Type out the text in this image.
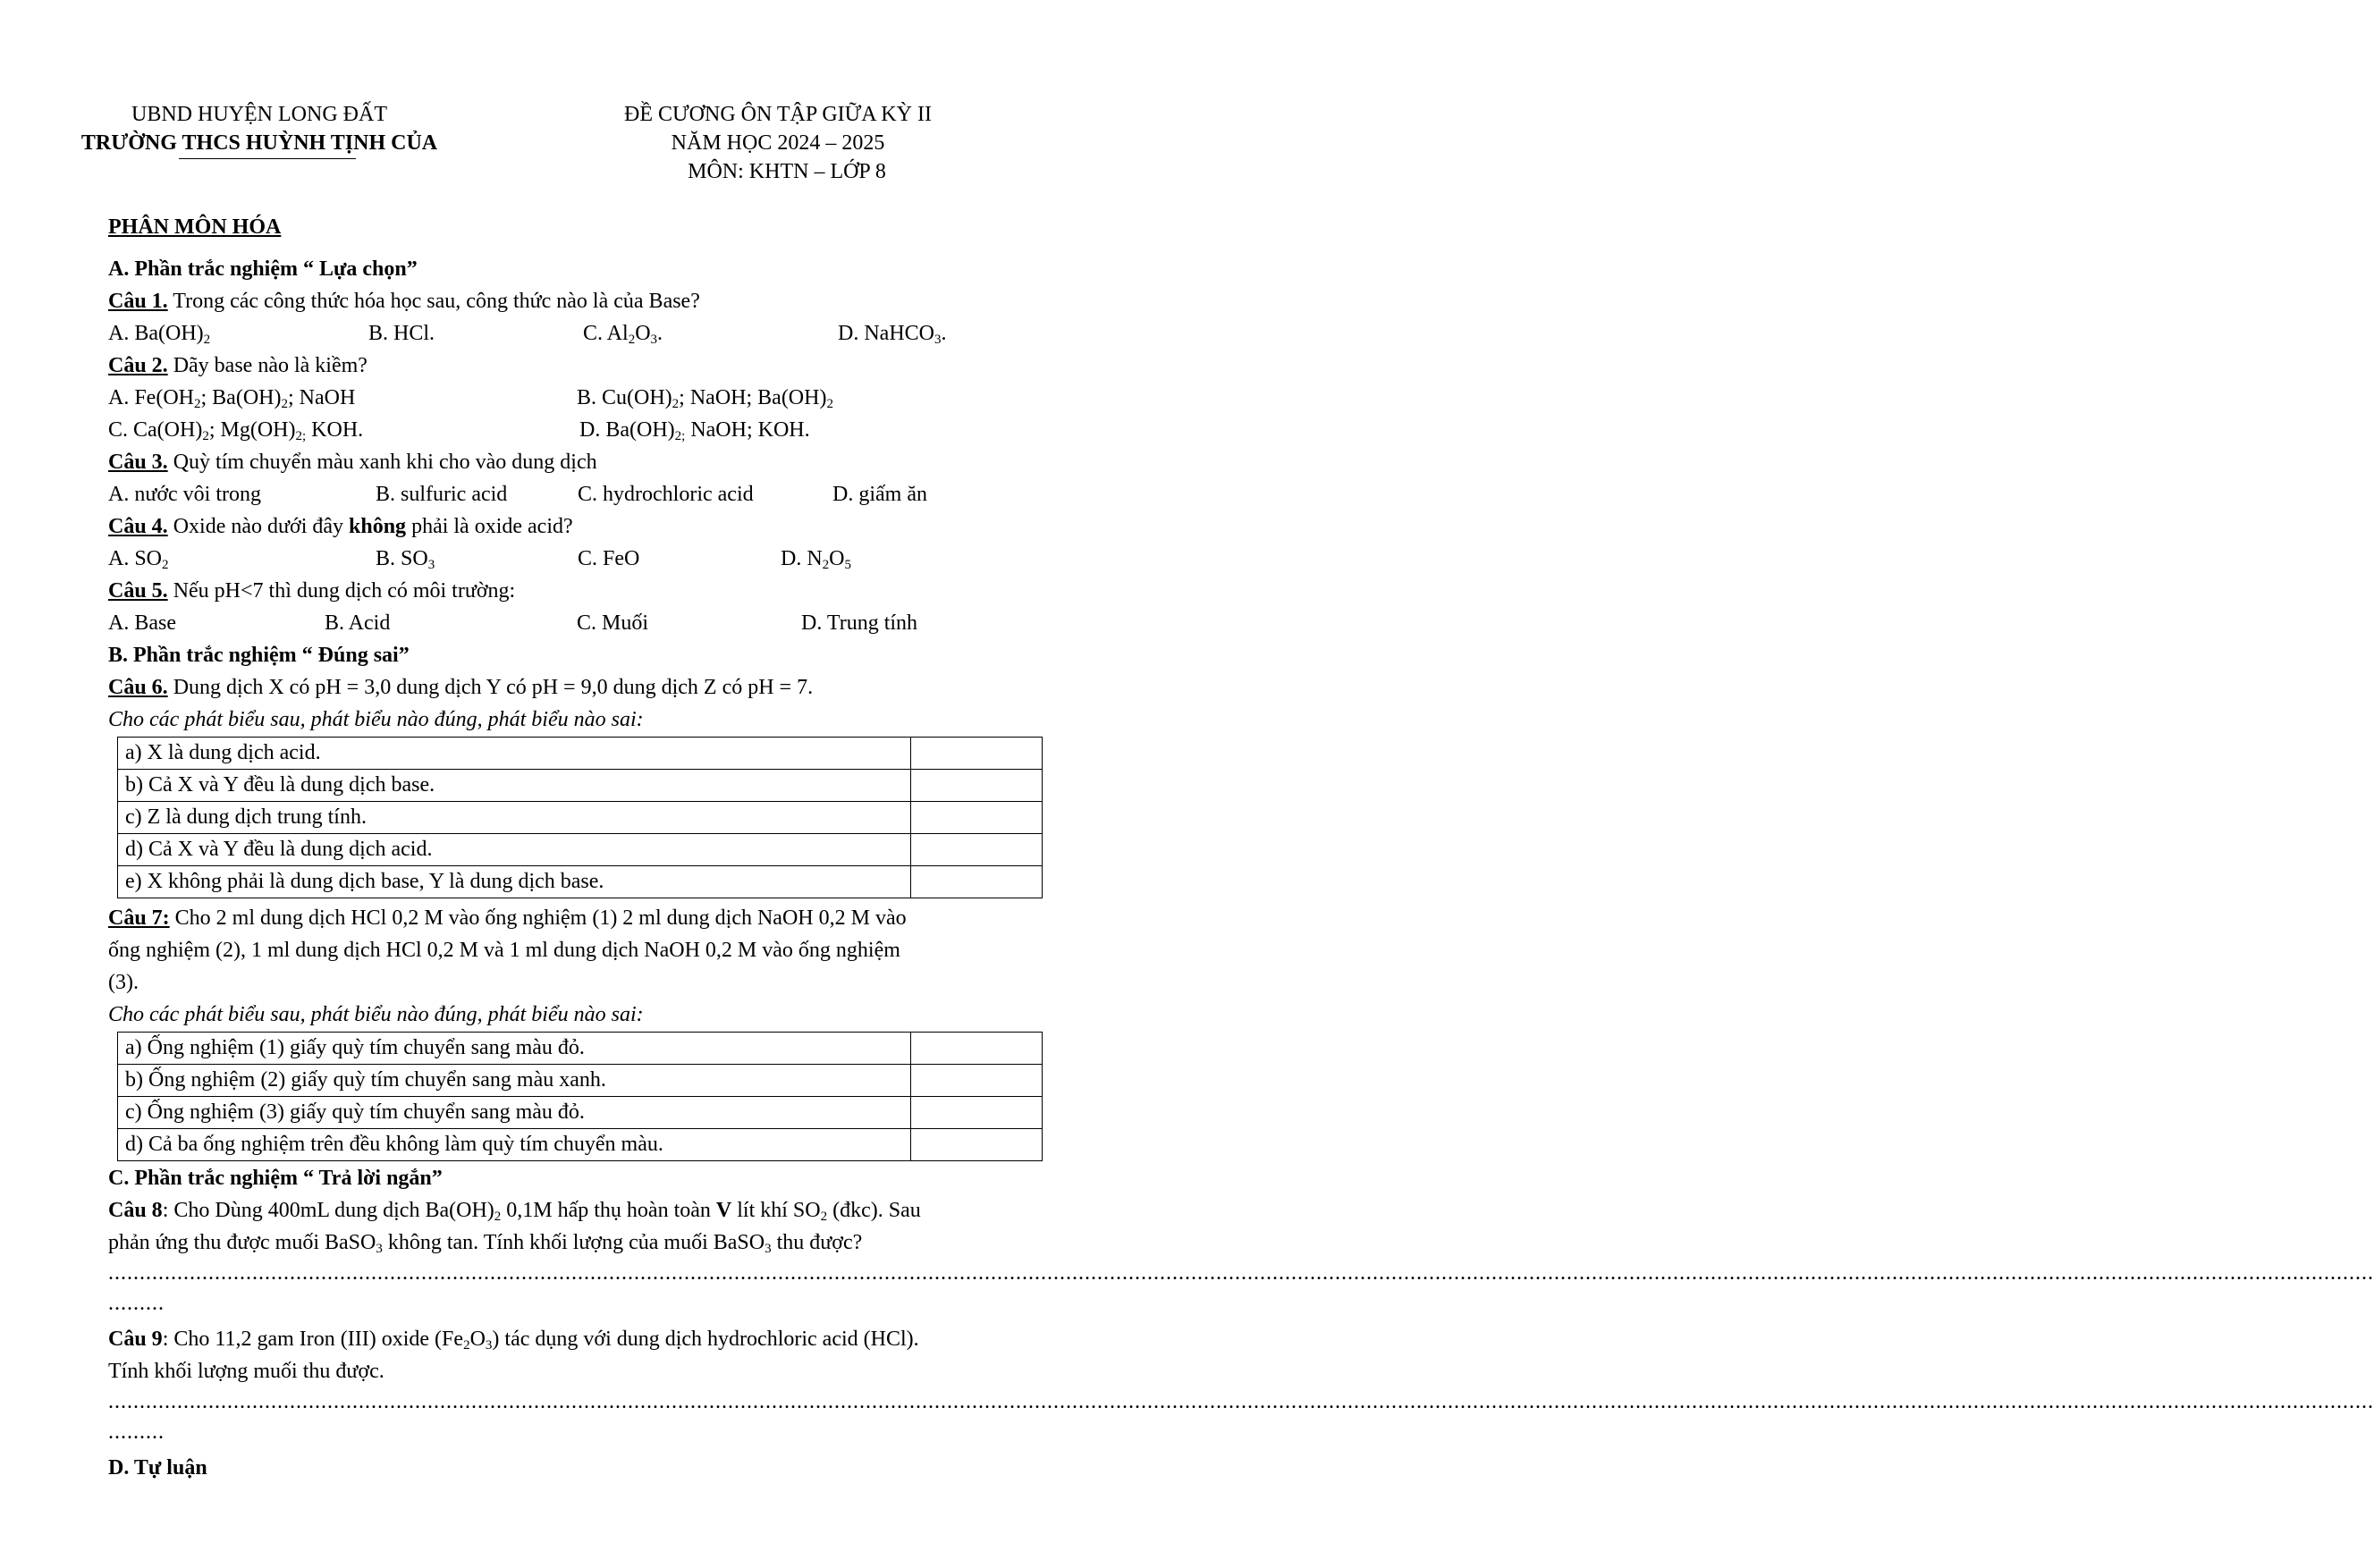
UBND HUYỆN LONG ĐẤT
TRƯỜNG THCS HUỲNH TỊNH CỦA
ĐỀ CƯƠNG ÔN TẬP GIỮA KỲ II
NĂM HỌC 2024 – 2025
MÔN: KHTN – LỚP 8
PHÂN MÔN HÓA
A. Phần trắc nghiệm “ Lựa chọn”
Câu 1. Trong các công thức hóa học sau, công thức nào là của Base?
A. $Ba(OH)_2$	B. HCl.	C. $Al_2O_3$.	D. NaHCO$_3$.
Câu 2. Dãy base nào là kiềm?
A. $Fe(OH_2$; $Ba(OH)_2$; NaOH	B. $Cu(OH)_2$; NaOH; $Ba(OH)_2$
C. $Ca(OH)_2$; $Mg(OH)_{2;}$ KOH.	D. $Ba(OH)_{2;}$ NaOH; KOH.
Câu 3. Quỳ tím chuyển màu xanh khi cho vào dung dịch
A. nước vôi trong	B. sulfuric acid	C. hydrochloric acid	D. giấm ăn
Câu 4. Oxide nào dưới đây không phải là oxide acid?
A. $SO_2$	B. $SO_3$	C. FeO	D. $N_2O_5$
Câu 5. Nếu pH<7 thì dung dịch có môi trường:
A. Base	B. Acid	C. Muối	D. Trung tính
B. Phần trắc nghiệm “ Đúng sai”
Câu 6. Dung dịch X có pH = 3,0 dung dịch Y có pH = 9,0 dung dịch Z có pH = 7.
Cho các phát biểu sau, phát biểu nào đúng, phát biểu nào sai:
a) X là dung dịch acid.	
b) Cả X và Y đều là dung dịch base.	
c) Z là dung dịch trung tính.	
d) Cả X và Y đều là dung dịch acid.	
e) X không phải là dung dịch base, Y là dung dịch base.	
Câu 7: Cho 2 ml dung dịch HCl 0,2 M vào ống nghiệm (1) 2 ml dung dịch NaOH 0,2 M vào
ống nghiệm (2), 1 ml dung dịch HCl 0,2 M và 1 ml dung dịch NaOH 0,2 M vào ống nghiệm
(3).
Cho các phát biểu sau, phát biểu nào đúng, phát biểu nào sai:
a) Ống nghiệm (1) giấy quỳ tím chuyển sang màu đỏ.	
b) Ống nghiệm (2) giấy quỳ tím chuyển sang màu xanh.	
c) Ống nghiệm (3) giấy quỳ tím chuyển sang màu đỏ.	
d) Cả ba ống nghiệm trên đều không làm quỳ tím chuyển màu.	
C. Phần trắc nghiệm “ Trả lời ngắn”
Câu 8: Cho Dùng 400mL dung dịch $Ba(OH)_2$ 0,1M hấp thụ hoàn toàn V lít khí $SO_2$ (đkc). Sau
phản ứng thu được muối BaSO$_3$ không tan. Tính khối lượng của muối BaSO$_3$ thu được?
..........................................................................................................................................................................................................................................................................................................................................................................
.........
Câu 9: Cho 11,2 gam Iron (III) oxide $(Fe_2O_3)$ tác dụng với dung dịch hydrochloric acid (HCl).
Tính khối lượng muối thu được.
..........................................................................................................................................................................................................................................................................................................................................................................
.........
D. Tự luận
